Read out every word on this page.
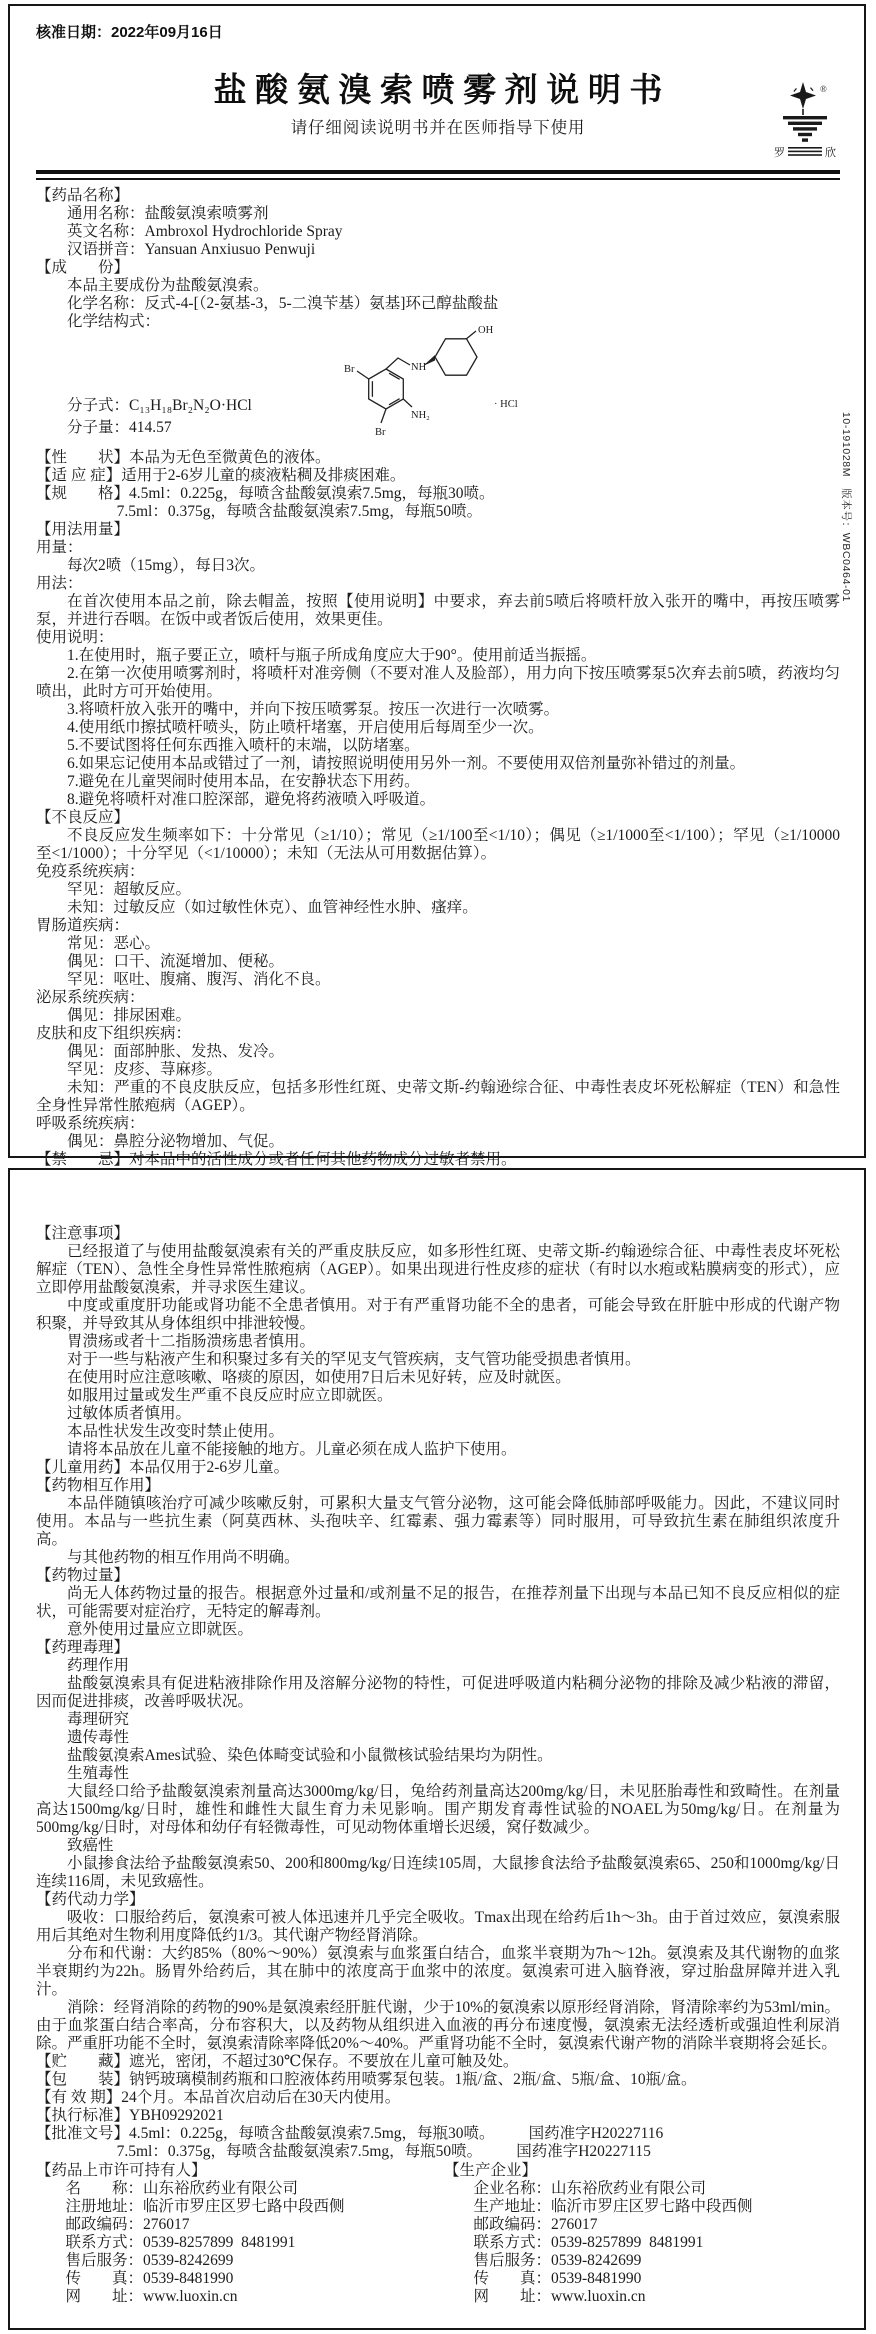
核准日期：2022年09月16日
盐酸氨溴索喷雾剂说明书
请仔细阅读说明书并在医师指导下使用
®
罗	欣
【药品名称】
通用名称：盐酸氨溴索喷雾剂
英文名称：Ambroxol Hydrochloride Spray
汉语拼音：Yansuan Anxiusuo Penwuji
【成　　份】
本品主要成份为盐酸氨溴索。
化学名称：反式-4-[（2-氨基-3，5-二溴苄基）氨基]环己醇盐酸盐
化学结构式：
Br
Br
NH₂
NH
OH
· HCl
分子式：C₁₃H₁₈Br₂N₂O·HCl
分子量：414.57
【性　　状】本品为无色至微黄色的液体。
【适 应 症】适用于2-6岁儿童的痰液粘稠及排痰困难。
【规　　格】4.5ml：0.225g，每喷含盐酸氨溴索7.5mg，每瓶30喷。
7.5ml：0.375g，每喷含盐酸氨溴索7.5mg，每瓶50喷。
【用法用量】
用量：
每次2喷（15mg），每日3次。
用法：
在首次使用本品之前，除去帽盖，按照【使用说明】中要求，弃去前5喷后将喷杆放入张开的嘴中，再按压喷雾泵，并进行吞咽。在饭中或者饭后使用，效果更佳。
使用说明：
1.在使用时，瓶子要正立，喷杆与瓶子所成角度应大于90°。使用前适当振摇。
2.在第一次使用喷雾剂时，将喷杆对准旁侧（不要对准人及脸部），用力向下按压喷雾泵5次弃去前5喷，药液均匀喷出，此时方可开始使用。
3.将喷杆放入张开的嘴中，并向下按压喷雾泵。按压一次进行一次喷雾。
4.使用纸巾擦拭喷杆喷头，防止喷杆堵塞，开启使用后每周至少一次。
5.不要试图将任何东西推入喷杆的末端，以防堵塞。
6.如果忘记使用本品或错过了一剂，请按照说明使用另外一剂。不要使用双倍剂量弥补错过的剂量。
7.避免在儿童哭闹时使用本品，在安静状态下用药。
8.避免将喷杆对准口腔深部，避免将药液喷入呼吸道。
【不良反应】
不良反应发生频率如下：十分常见（≥1/10）；常见（≥1/100至<1/10）；偶见（≥1/1000至<1/100）；罕见（≥1/10000至<1/1000）；十分罕见（<1/10000）；未知（无法从可用数据估算）。
免疫系统疾病：
罕见：超敏反应。
未知：过敏反应（如过敏性休克）、血管神经性水肿、瘙痒。
胃肠道疾病：
常见：恶心。
偶见：口干、流涎增加、便秘。
罕见：呕吐、腹痛、腹泻、消化不良。
泌尿系统疾病：
偶见：排尿困难。
皮肤和皮下组织疾病：
偶见：面部肿胀、发热、发冷。
罕见：皮疹、荨麻疹。
未知：严重的不良皮肤反应，包括多形性红斑、史蒂文斯-约翰逊综合征、中毒性表皮坏死松解症（TEN）和急性全身性异常性脓疱病（AGEP）。
呼吸系统疾病：
偶见：鼻腔分泌物增加、气促。
【禁　　忌】对本品中的活性成分或者任何其他药物成分过敏者禁用。
10-191028M　版本号：WBC0464-01
【注意事项】
已经报道了与使用盐酸氨溴索有关的严重皮肤反应，如多形性红斑、史蒂文斯-约翰逊综合征、中毒性表皮坏死松解症（TEN）、急性全身性异常性脓疱病（AGEP）。如果出现进行性皮疹的症状（有时以水疱或粘膜病变的形式），应立即停用盐酸氨溴索，并寻求医生建议。
中度或重度肝功能或肾功能不全患者慎用。对于有严重肾功能不全的患者，可能会导致在肝脏中形成的代谢产物积聚，并导致其从身体组织中排泄较慢。
胃溃疡或者十二指肠溃疡患者慎用。
对于一些与粘液产生和积聚过多有关的罕见支气管疾病，支气管功能受损患者慎用。
在使用时应注意咳嗽、咯痰的原因，如使用7日后未见好转，应及时就医。
如服用过量或发生严重不良反应时应立即就医。
过敏体质者慎用。
本品性状发生改变时禁止使用。
请将本品放在儿童不能接触的地方。儿童必须在成人监护下使用。
【儿童用药】本品仅用于2-6岁儿童。
【药物相互作用】
本品伴随镇咳治疗可减少咳嗽反射，可累积大量支气管分泌物，这可能会降低肺部呼吸能力。因此，不建议同时使用。本品与一些抗生素（阿莫西林、头孢呋辛、红霉素、强力霉素等）同时服用，可导致抗生素在肺组织浓度升高。
与其他药物的相互作用尚不明确。
【药物过量】
尚无人体药物过量的报告。根据意外过量和/或剂量不足的报告，在推荐剂量下出现与本品已知不良反应相似的症状，可能需要对症治疗，无特定的解毒剂。
意外使用过量应立即就医。
【药理毒理】
药理作用
盐酸氨溴索具有促进粘液排除作用及溶解分泌物的特性，可促进呼吸道内粘稠分泌物的排除及减少粘液的滞留，因而促进排痰，改善呼吸状况。
毒理研究
遗传毒性
盐酸氨溴索Ames试验、染色体畸变试验和小鼠微核试验结果均为阴性。
生殖毒性
大鼠经口给予盐酸氨溴索剂量高达3000mg/kg/日，兔给药剂量高达200mg/kg/日，未见胚胎毒性和致畸性。在剂量高达1500mg/kg/日时，雄性和雌性大鼠生育力未见影响。围产期发育毒性试验的NOAEL为50mg/kg/日。在剂量为500mg/kg/日时，对母体和幼仔有轻微毒性，可见动物体重增长迟缓，窝仔数减少。
致癌性
小鼠掺食法给予盐酸氨溴索50、200和800mg/kg/日连续105周，大鼠掺食法给予盐酸氨溴索65、250和1000mg/kg/日连续116周，未见致癌性。
【药代动力学】
吸收：口服给药后，氨溴索可被人体迅速并几乎完全吸收。Tmax出现在给药后1h～3h。由于首过效应，氨溴索服用后其绝对生物利用度降低约1/3。其代谢产物经肾消除。
分布和代谢：大约85%（80%～90%）氨溴索与血浆蛋白结合，血浆半衰期为7h～12h。氨溴索及其代谢物的血浆半衰期约为22h。肠胃外给药后，其在肺中的浓度高于血浆中的浓度。氨溴索可进入脑脊液，穿过胎盘屏障并进入乳汁。
消除：经肾消除的药物的90%是氨溴索经肝脏代谢，少于10%的氨溴索以原形经肾消除，肾清除率约为53ml/min。由于血浆蛋白结合率高，分布容积大，以及药物从组织进入血液的再分布速度慢，氨溴索无法经透析或强迫性利尿消除。严重肝功能不全时，氨溴索清除率降低20%～40%。严重肾功能不全时，氨溴索代谢产物的消除半衰期将会延长。
【贮　　藏】遮光，密闭，不超过30℃保存。不要放在儿童可触及处。
【包　　装】钠钙玻璃模制药瓶和口腔液体药用喷雾泵包装。1瓶/盒、2瓶/盒、5瓶/盒、10瓶/盒。
【有 效 期】24个月。本品首次启动后在30天内使用。
【执行标准】YBH09292021
【批准文号】4.5ml：0.225g，每喷含盐酸氨溴索7.5mg，每瓶30喷。 国药准字H20227116
7.5ml：0.375g，每喷含盐酸氨溴索7.5mg，每瓶50喷。 国药准字H20227115
【药品上市许可持有人】
名　　称：山东裕欣药业有限公司
注册地址：临沂市罗庄区罗七路中段西侧
邮政编码：276017
联系方式：0539-8257899  8481991
售后服务：0539-8242699
传　　真：0539-8481990
网　　址：www.luoxin.cn
【生产企业】
企业名称：山东裕欣药业有限公司
生产地址：临沂市罗庄区罗七路中段西侧
邮政编码：276017
联系方式：0539-8257899  8481991
售后服务：0539-8242699
传　　真：0539-8481990
网　　址：www.luoxin.cn
